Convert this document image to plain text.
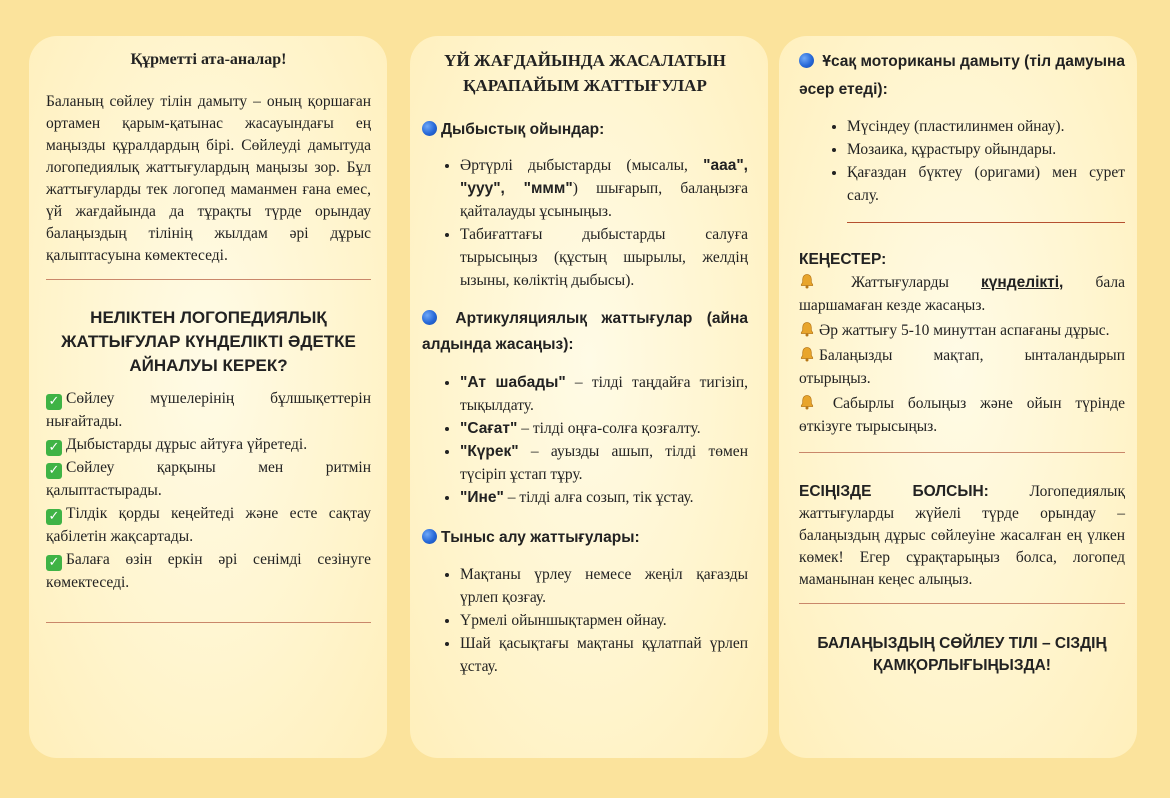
Құрметті ата-аналар!

Баланың сөйлеу тілін дамыту – оның қоршаған ортамен қарым-қатынас жасауындағы ең маңызды құралдардың бірі. Сөйлеуді дамытуда логопедиялық жаттығулардың маңызы зор. Бұл жаттығуларды тек логопед маманмен ғана емес, үй жағдайында да тұрақты түрде орындау балаңыздың тілінің жылдам әрі дұрыс қалыптасуына көмектеседі.

НЕЛІКТЕН ЛОГОПЕДИЯЛЫҚ ЖАТТЫҒУЛАР КҮНДЕЛІКТІ ӘДЕТКЕ АЙНАЛУЫ КЕРЕК?

✓ Сөйлеу мүшелерінің бұлшықеттерін нығайтады.

✓ Дыбыстарды дұрыс айтуға үйретеді.

✓ Сөйлеу қарқыны мен ритмін қалыптастырады.

✓ Тілдік қорды кеңейтеді және есте сақтау қабілетін жақсартады.

✓ Балаға өзін еркін әрі сенімді сезінуге көмектеседі.

ҮЙ ЖАҒДАЙЫНДА ЖАСАЛАТЫН ҚАРАПАЙЫМ ЖАТТЫҒУЛАР

Дыбыстық ойындар:

• Әртүрлі дыбыстарды (мысалы, "ааа", "ууу", "ммм") шығарып, балаңызға қайталауды ұсыныңыз.
• Табиғаттағы дыбыстарды салуға тырысыңыз (құстың шырылы, желдің ызыны, көліктің дыбысы).

Артикуляциялық жаттығулар (айна алдында жасаңыз):

• "Ат шабады" – тілді таңдайға тигізіп, тықылдату.
• "Сағат" – тілді оңға-солға қозғалту.
• "Күрек" – ауызды ашып, тілді төмен түсіріп ұстап тұру.
• "Ине" – тілді алға созып, тік ұстау.

Тыныс алу жаттығулары:

• Мақтаны үрлеу немесе жеңіл қағазды үрлеп қозғау.
• Үрмелі ойыншықтармен ойнау.
• Шай қасықтағы мақтаны құлатпай үрлеп ұстау.

Ұсақ моториканы дамыту (тіл дамуына әсер етеді):

• Мүсіндеу (пластилинмен ойнау).
• Мозаика, құрастыру ойындары.
• Қағаздан бүктеу (оригами) мен сурет салу.

КЕҢЕСТЕР:

Жаттығуларды күнделікті, бала шаршамаған кезде жасаңыз.

Әр жаттығу 5-10 минуттан аспағаны дұрыс.

Балаңызды мақтап, ынталандырып отырыңыз.

Сабырлы болыңыз және ойын түрінде өткізуге тырысыңыз.

ЕСІҢІЗДЕ БОЛСЫН: Логопедиялық жаттығуларды жүйелі түрде орындау – балаңыздың дұрыс сөйлеуіне жасалған ең үлкен көмек! Егер сұрақтарыңыз болса, логопед маманынан кеңес алыңыз.

БАЛАҢЫЗДЫҢ СӨЙЛЕУ ТІЛІ – СІЗДІҢ ҚАМҚОРЛЫҒЫҢЫЗДА!
